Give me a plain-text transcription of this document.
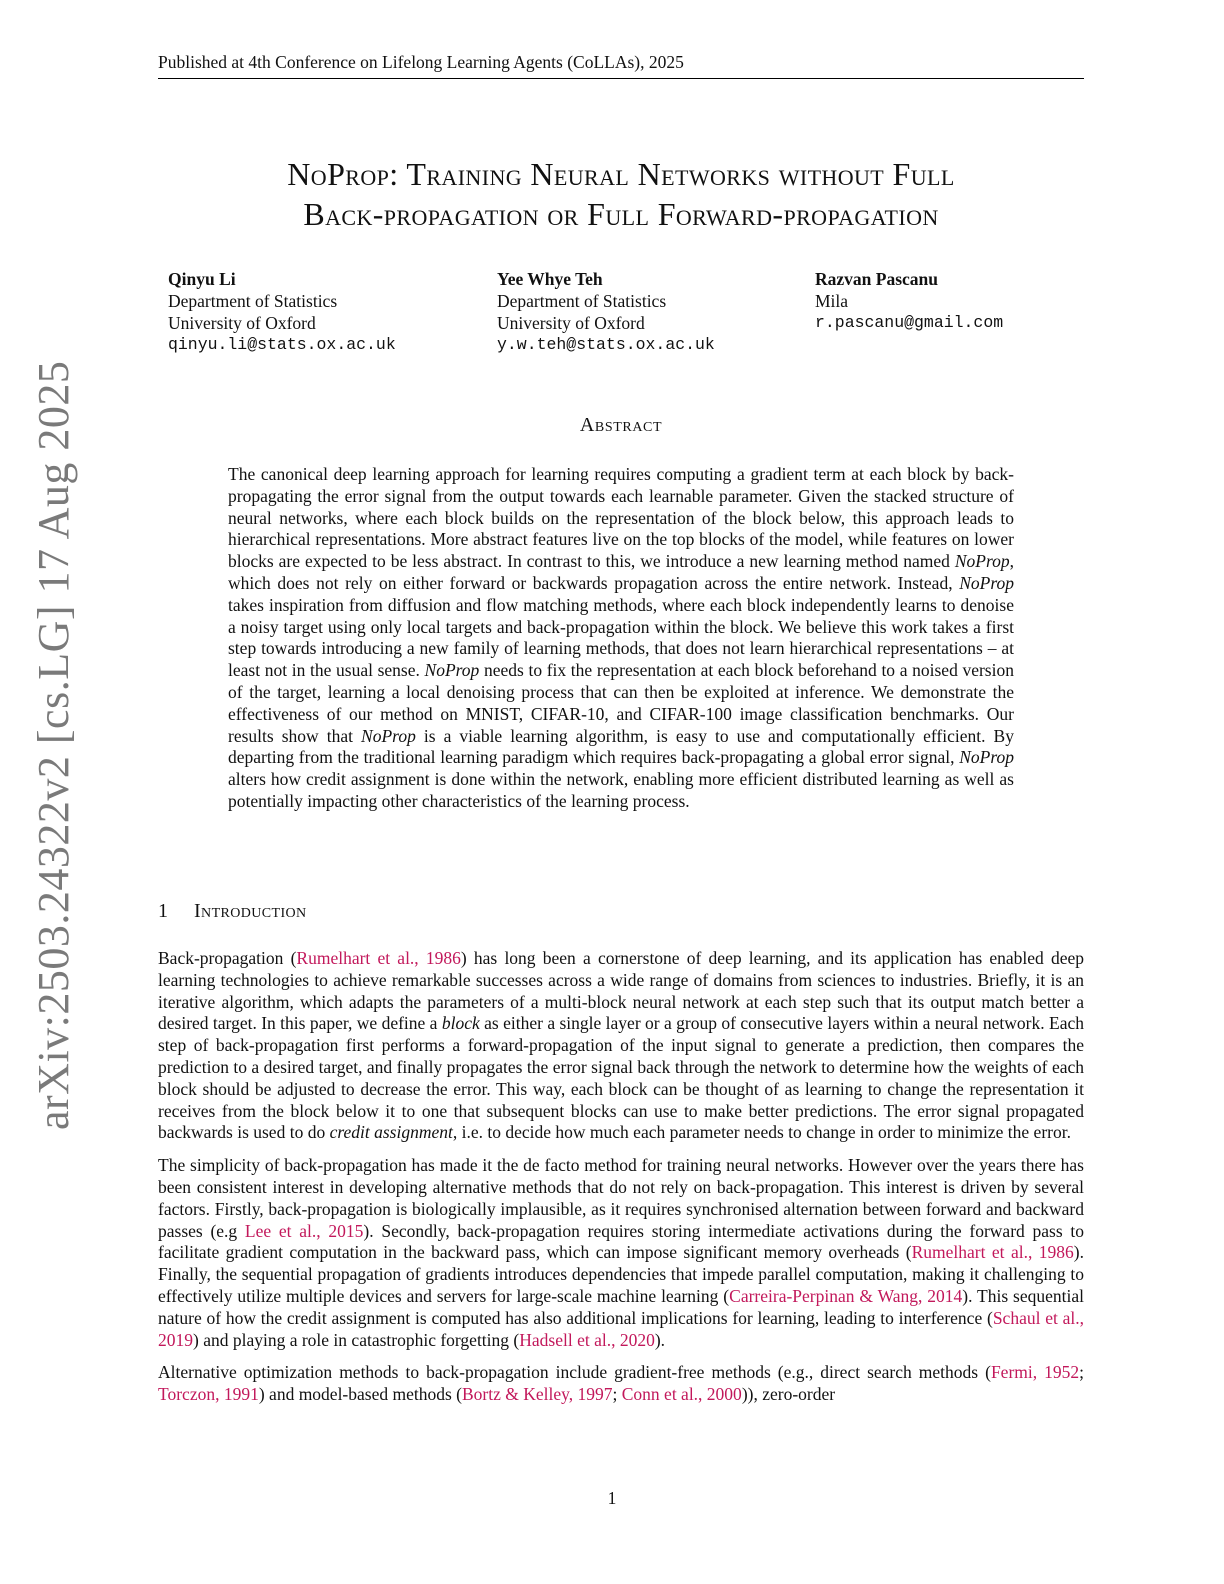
Published at 4th Conference on Lifelong Learning Agents (CoLLAs), 2025
arXiv:2503.24322v2 [cs.LG] 17 Aug 2025
NoProp: Training Neural Networks without Full
Back-propagation or Full Forward-propagation
Qinyu Li
Department of Statistics
University of Oxford
qinyu.li@stats.ox.ac.uk
Yee Whye Teh
Department of Statistics
University of Oxford
y.w.teh@stats.ox.ac.uk
Razvan Pascanu
Mila
r.pascanu@gmail.com
Abstract

The canonical deep learning approach for learning requires computing a gradient term at each block by back-propagating the error signal from the output towards each learnable parameter. Given the stacked structure of neural networks, where each block builds on the representation of the block below, this approach leads to hierarchical representations. More abstract features live on the top blocks of the model, while features on lower blocks are expected to be less abstract. In contrast to this, we introduce a new learning method named NoProp, which does not rely on either forward or backwards propagation across the entire network. Instead, NoProp takes inspiration from diffusion and flow matching methods, where each block independently learns to denoise a noisy target using only local targets and back-propagation within the block. We believe this work takes a first step towards introducing a new family of learning methods, that does not learn hierarchical representations – at least not in the usual sense. NoProp needs to fix the representation at each block beforehand to a noised version of the target, learning a local denoising process that can then be exploited at inference. We demonstrate the effectiveness of our method on MNIST, CIFAR-10, and CIFAR-100 image classification benchmarks. Our results show that NoProp is a viable learning algorithm, is easy to use and computationally efficient. By departing from the traditional learning paradigm which requires back-propagating a global error signal, NoProp alters how credit assignment is done within the network, enabling more efficient distributed learning as well as potentially impacting other characteristics of the learning process.

1 Introduction

Back-propagation (Rumelhart et al., 1986) has long been a cornerstone of deep learning, and its application has enabled deep learning technologies to achieve remarkable successes across a wide range of domains from sciences to industries. Briefly, it is an iterative algorithm, which adapts the parameters of a multi-block neural network at each step such that its output match better a desired target. In this paper, we define a block as either a single layer or a group of consecutive layers within a neural network. Each step of back-propagation first performs a forward-propagation of the input signal to generate a prediction, then compares the prediction to a desired target, and finally propagates the error signal back through the network to determine how the weights of each block should be adjusted to decrease the error. This way, each block can be thought of as learning to change the representation it receives from the block below it to one that subsequent blocks can use to make better predictions. The error signal propagated backwards is used to do credit assignment, i.e. to decide how much each parameter needs to change in order to minimize the error.

The simplicity of back-propagation has made it the de facto method for training neural networks. However over the years there has been consistent interest in developing alternative methods that do not rely on back-propagation. This interest is driven by several factors. Firstly, back-propagation is biologically implausible, as it requires synchronised alternation between forward and backward passes (e.g Lee et al., 2015). Secondly, back-propagation requires storing intermediate activations during the forward pass to facilitate gradient computation in the backward pass, which can impose significant memory overheads (Rumelhart et al., 1986). Finally, the sequential propagation of gradients introduces dependencies that impede parallel computation, making it challenging to effectively utilize multiple devices and servers for large-scale machine learning (Carreira-Perpinan & Wang, 2014). This sequential nature of how the credit assignment is computed has also additional implications for learning, leading to interference (Schaul et al., 2019) and playing a role in catastrophic forgetting (Hadsell et al., 2020).

Alternative optimization methods to back-propagation include gradient-free methods (e.g., direct search methods (Fermi, 1952; Torczon, 1991) and model-based methods (Bortz & Kelley, 1997; Conn et al., 2000)), zero-order

1
